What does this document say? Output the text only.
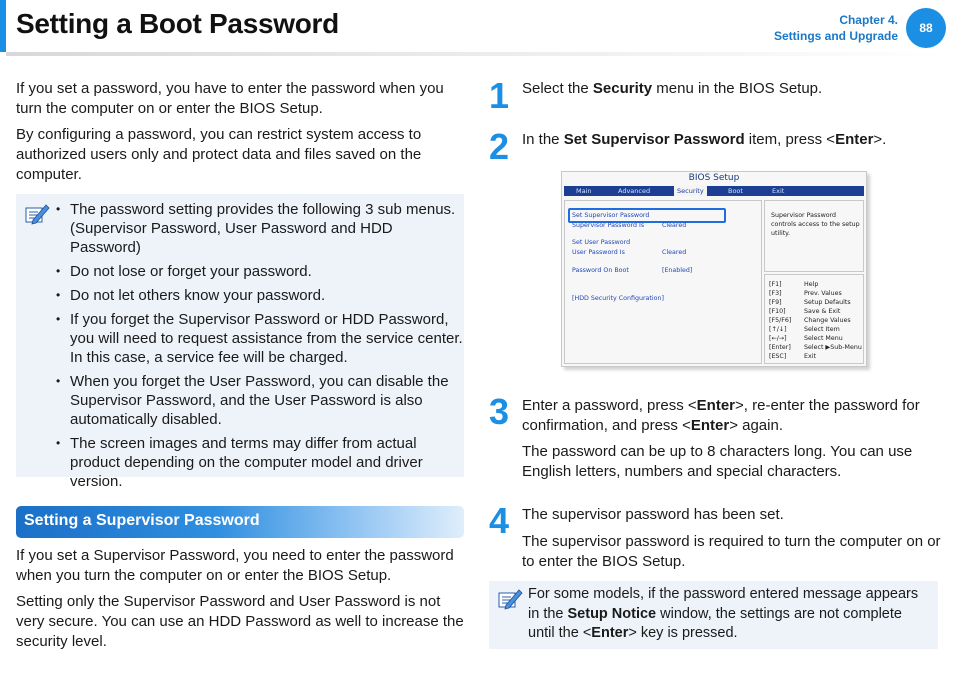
Setting a Boot Password	Chapter 4.
Settings and Upgrade
88
If you set a password, you have to enter the password when you turn the computer on or enter the BIOS Setup.
By configuring a password, you can restrict system access to authorized users only and protect data and files saved on the computer.
• The password setting provides the following 3 sub menus. (Supervisor Password, User Password and HDD Password)
• Do not lose or forget your password.
• Do not let others know your password.
• If you forget the Supervisor Password or HDD Password, you will need to request assistance from the service center. In this case, a service fee will be charged.
• When you forget the User Password, you can disable the Supervisor Password, and the User Password is also automatically disabled.
• The screen images and terms may differ from actual product depending on the computer model and driver version.
Setting a Supervisor Password
If you set a Supervisor Password, you need to enter the password when you turn the computer on or enter the BIOS Setup.
Setting only the Supervisor Password and User Password is not very secure. You can use an HDD Password as well to increase the security level.
1 Select the Security menu in the BIOS Setup.
2 In the Set Supervisor Password item, press <Enter>.
BIOS Setup
Main	Advanced	Security	Boot	Exit
Set Supervisor Password
Supervisor Password Is	Cleared
Set User Password
User Password Is	Cleared
Password On Boot	[Enabled]
[HDD Security Configuration]
Supervisor Password controls access to the setup utility.
[F1]	Help
[F3]	Prev. Values
[F9]	Setup Defaults
[F10]	Save & Exit
[F5/F6] Change Values
[↑/↓]	Select Item
[←/→]	Select Menu
[Enter] Select ▶Sub-Menu
[ESC]	Exit
3 Enter a password, press <Enter>, re-enter the password for confirmation, and press <Enter> again.
The password can be up to 8 characters long. You can use English letters, numbers and special characters.
4 The supervisor password has been set.
The supervisor password is required to turn the computer on or to enter the BIOS Setup.
For some models, if the password entered message appears in the Setup Notice window, the settings are not complete until the <Enter> key is pressed.
